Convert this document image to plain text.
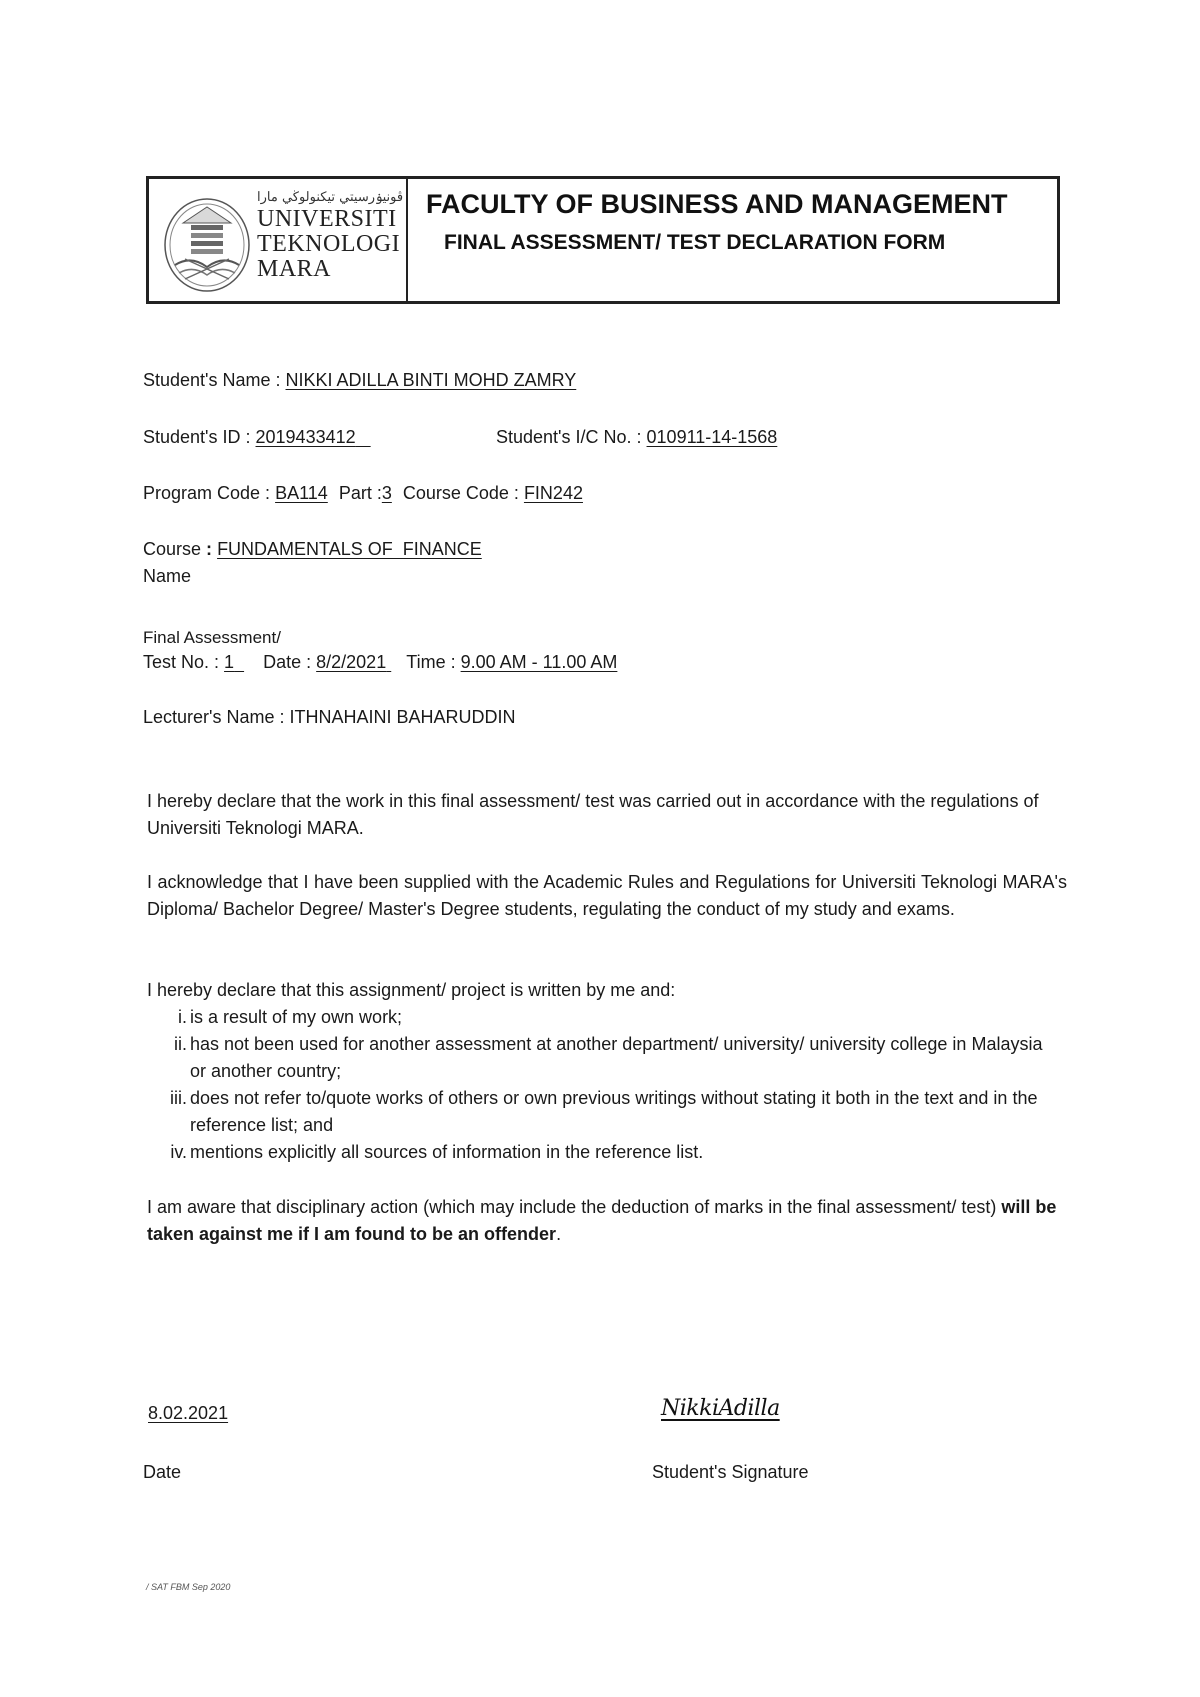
ڤونيۏرسيتي تيكنولوڬي مارا
UNIVERSITI
TEKNOLOGI
MARA
FACULTY OF BUSINESS AND MANAGEMENT
FINAL ASSESSMENT/ TEST DECLARATION FORM
Student's Name : NIKKI ADILLA BINTI MOHD ZAMRY
Student's ID : 2019433412	Student's I/C No. : 010911-14-1568
Program Code : BA114 Part :3 Course Code : FIN242
Course : FUNDAMENTALS OF  FINANCE
Name
Final Assessment/
Test No. : 1 Date : 8/2/2021 Time : 9.00 AM - 11.00 AM
Lecturer's Name : ITHNAHAINI BAHARUDDIN

I hereby declare that the work in this final assessment/ test was carried out in accordance with the regulations of Universiti Teknologi MARA.

I acknowledge that I have been supplied with the Academic Rules and Regulations for Universiti Teknologi MARA's Diploma/ Bachelor Degree/ Master's Degree students, regulating the conduct of my study and exams.

I hereby declare that this assignment/ project is written by me and:

i. is a result of my own work;
ii. has not been used for another assessment at another department/ university/ university college in Malaysia or another country;
iii. does not refer to/quote works of others or own previous writings without stating it both in the text and in the reference list; and
iv. mentions explicitly all sources of information in the reference list.

I am aware that disciplinary action (which may include the deduction of marks in the final assessment/ test) will be taken against me if I am found to be an offender.

8.02.2021	NikkiAdilla
Date	Student's Signature
/ SAT FBM Sep 2020
